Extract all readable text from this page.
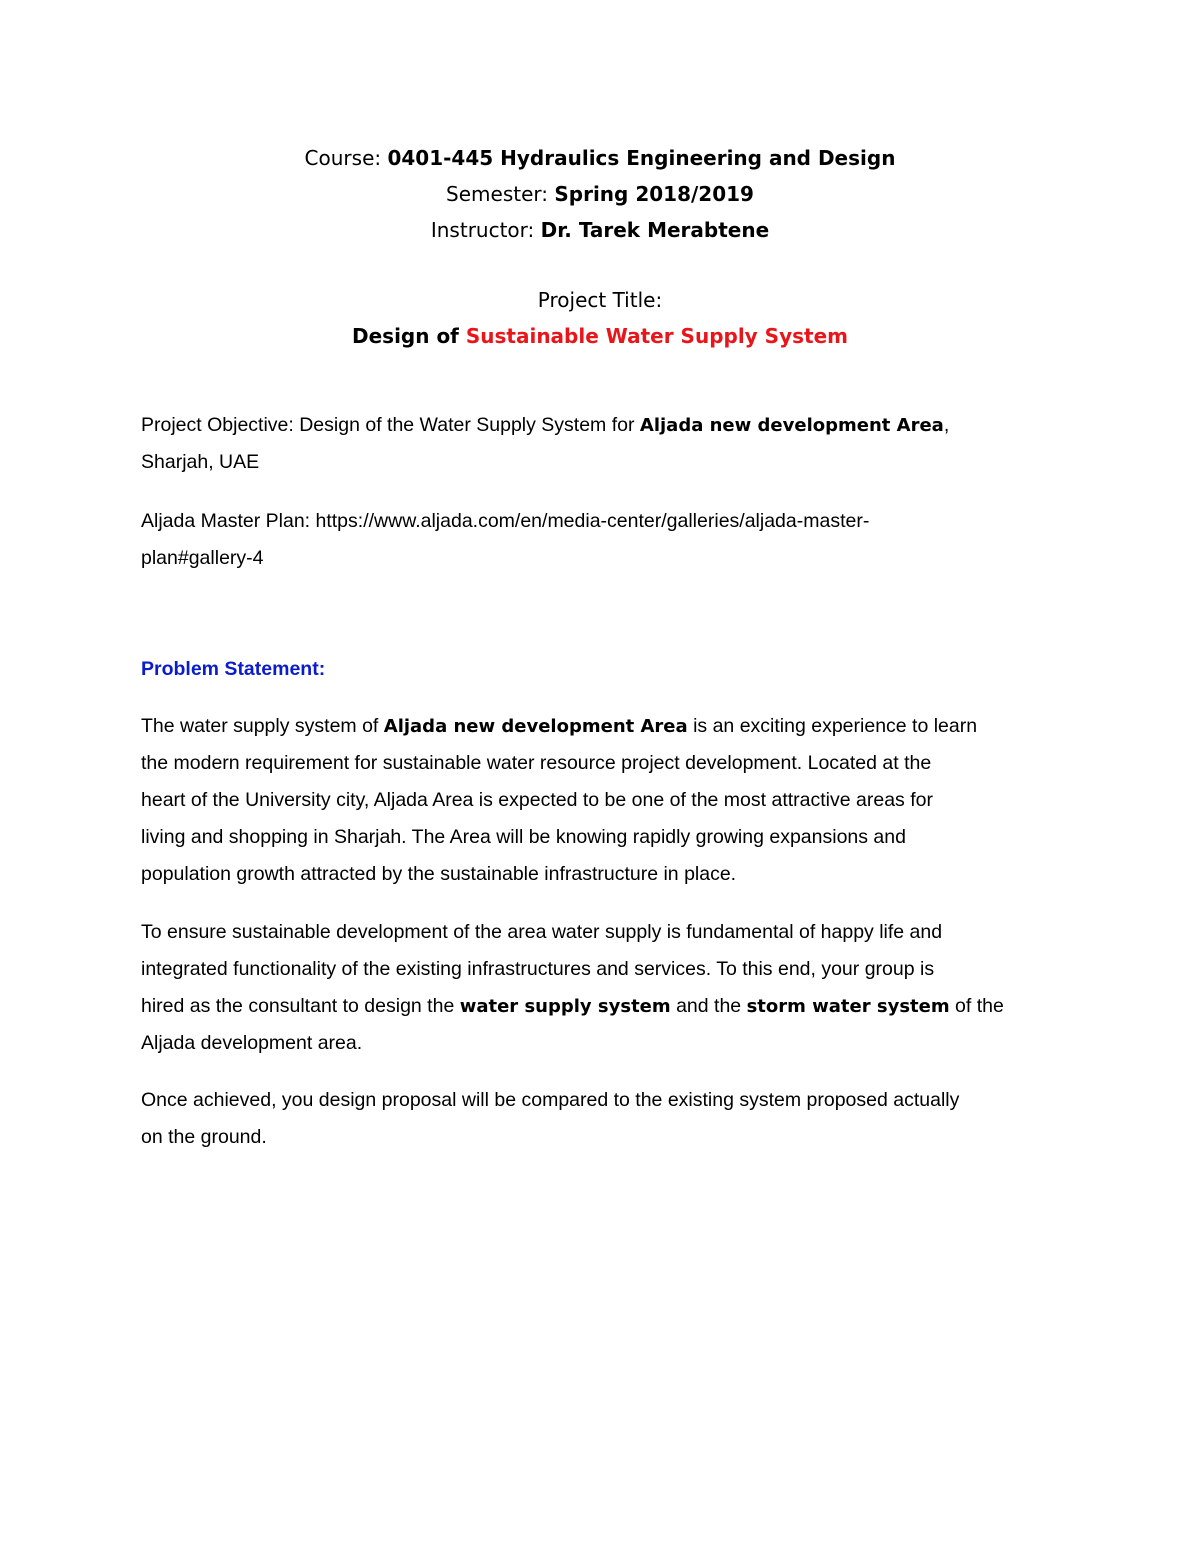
Course: 0401-445 Hydraulics Engineering and Design
Semester: Spring 2018/2019
Instructor: Dr. Tarek Merabtene
Project Title:
Design of Sustainable Water Supply System
Project Objective: Design of the Water Supply System for Aljada new development Area,
Sharjah, UAE
Aljada Master Plan: https://www.aljada.com/en/media-center/galleries/aljada-master-
plan#gallery-4
Problem Statement:
The water supply system of Aljada new development Area is an exciting experience to learn
the modern requirement for sustainable water resource project development. Located at the
heart of the University city, Aljada Area is expected to be one of the most attractive areas for
living and shopping in Sharjah. The Area will be knowing rapidly growing expansions and
population growth attracted by the sustainable infrastructure in place.
To ensure sustainable development of the area water supply is fundamental of happy life and
integrated functionality of the existing infrastructures and services. To this end, your group is
hired as the consultant to design the water supply system and the storm water system of the
Aljada development area.
Once achieved, you design proposal will be compared to the existing system proposed actually
on the ground.
